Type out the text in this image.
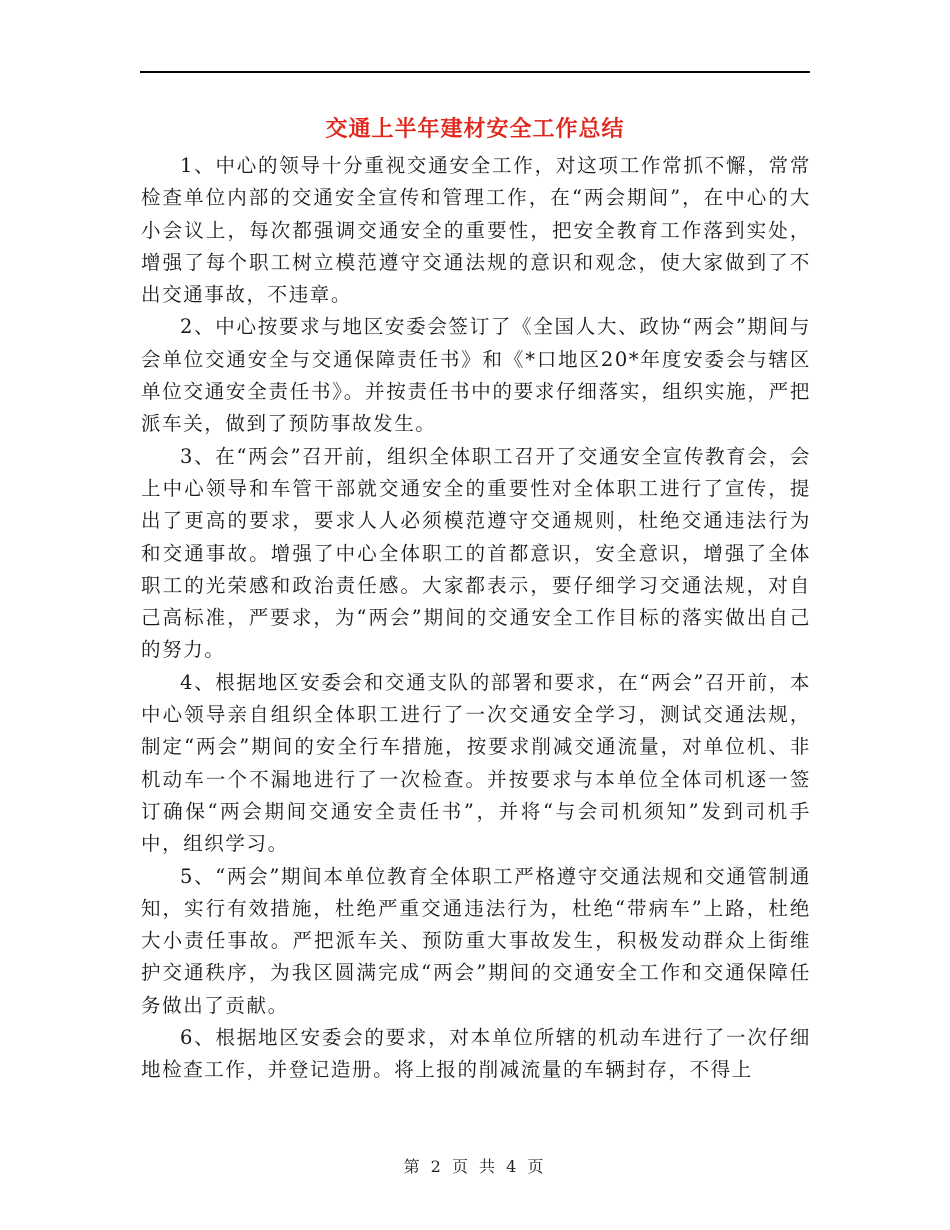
交通上半年建材安全工作总结

1、中心的领导十分重视交通安全工作，对这项工作常抓不懈，常常检查单位内部的交通安全宣传和管理工作，在“两会期间”，在中心的大小会议上，每次都强调交通安全的重要性，把安全教育工作落到实处，增强了每个职工树立模范遵守交通法规的意识和观念，使大家做到了不出交通事故，不违章。

2、中心按要求与地区安委会签订了《全国人大、政协“两会”期间与会单位交通安全与交通保障责任书》和《*口地区20*年度安委会与辖区单位交通安全责任书》。并按责任书中的要求仔细落实，组织实施，严把派车关，做到了预防事故发生。

3、在“两会”召开前，组织全体职工召开了交通安全宣传教育会，会上中心领导和车管干部就交通安全的重要性对全体职工进行了宣传，提出了更高的要求，要求人人必须模范遵守交通规则，杜绝交通违法行为和交通事故。增强了中心全体职工的首都意识，安全意识，增强了全体职工的光荣感和政治责任感。大家都表示，要仔细学习交通法规，对自己高标准，严要求，为“两会”期间的交通安全工作目标的落实做出自己的努力。

4、根据地区安委会和交通支队的部署和要求，在“两会”召开前，本中心领导亲自组织全体职工进行了一次交通安全学习，测试交通法规，制定“两会”期间的安全行车措施，按要求削减交通流量，对单位机、非机动车一个不漏地进行了一次检查。并按要求与本单位全体司机逐一签订确保“两会期间交通安全责任书”，并将“与会司机须知”发到司机手中，组织学习。

5、“两会”期间本单位教育全体职工严格遵守交通法规和交通管制通知，实行有效措施，杜绝严重交通违法行为，杜绝“带病车”上路，杜绝大小责任事故。严把派车关、预防重大事故发生，积极发动群众上街维护交通秩序，为我区圆满完成“两会”期间的交通安全工作和交通保障任务做出了贡献。

6、根据地区安委会的要求，对本单位所辖的机动车进行了一次仔细地检查工作，并登记造册。将上报的削减流量的车辆封存，不得上

第 2 页 共 4 页
